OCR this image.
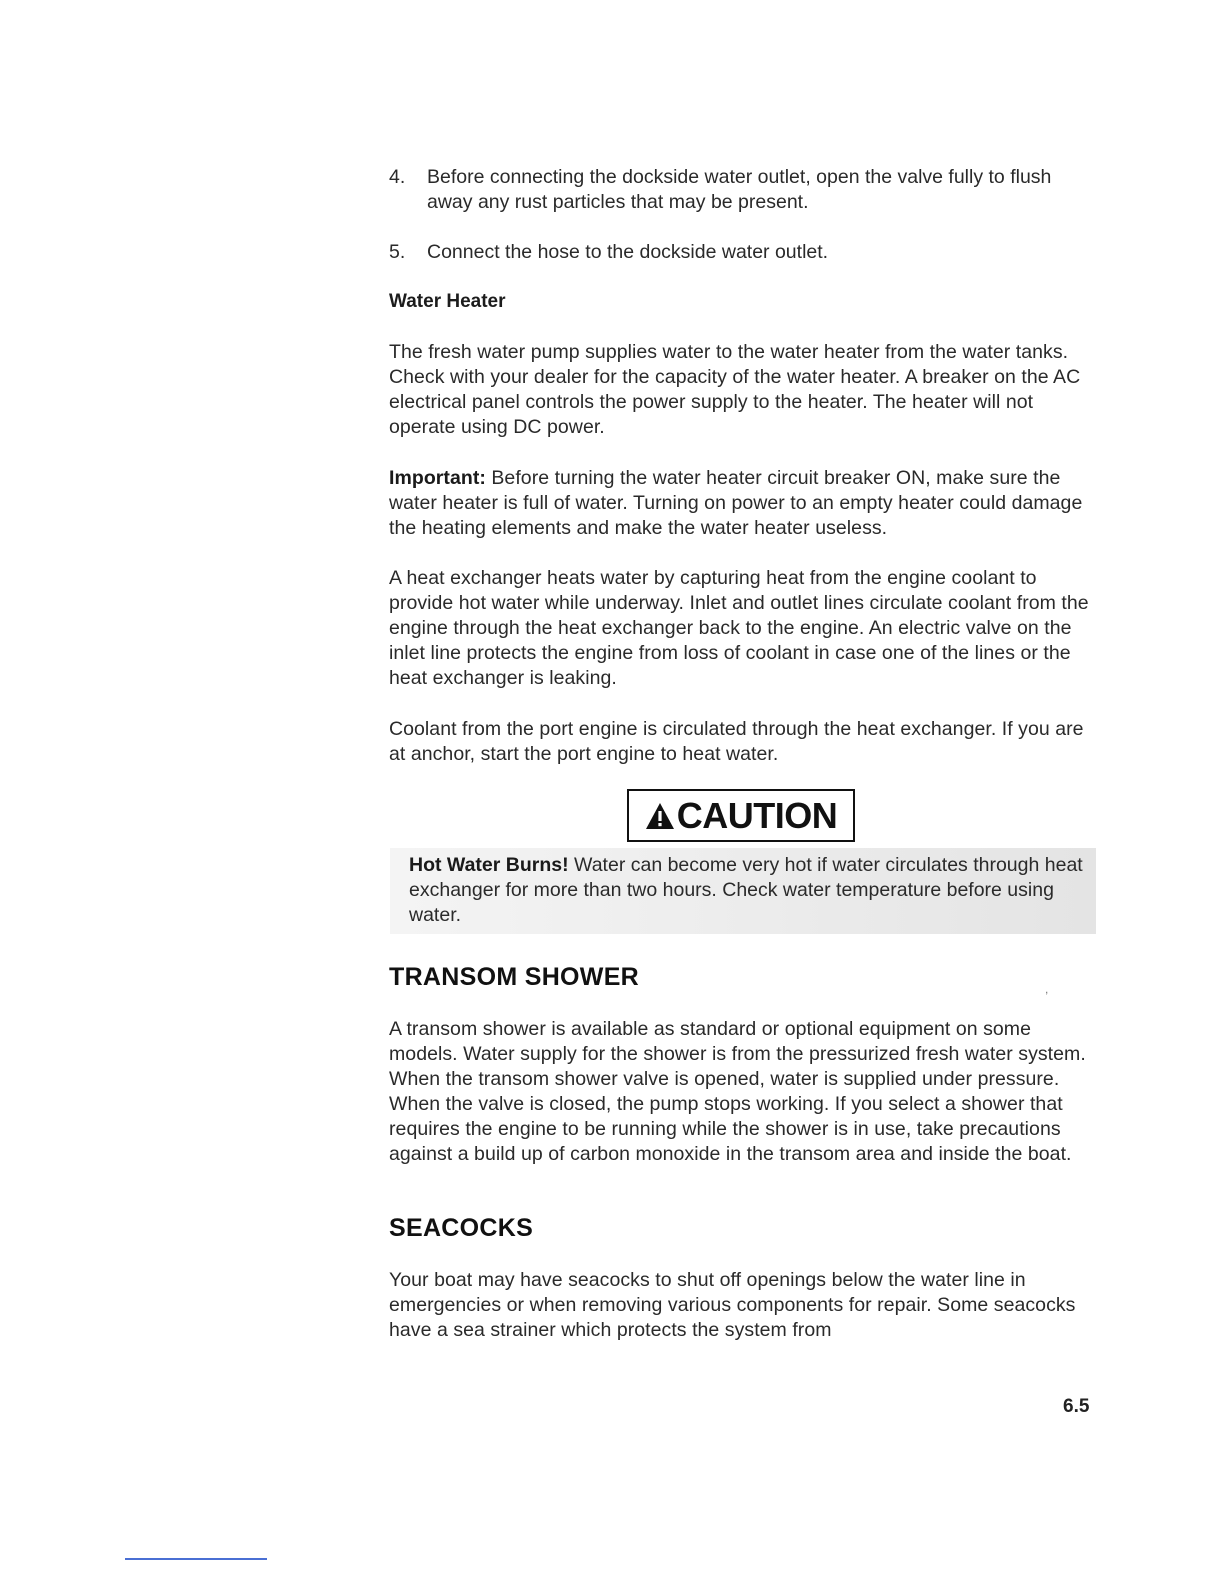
4. Before connecting the dockside water outlet, open the valve fully to flush away any rust particles that may be present.
5. Connect the hose to the dockside water outlet.
Water Heater

The fresh water pump supplies water to the water heater from the water tanks. Check with your dealer for the capacity of the water heater. A breaker on the AC electrical panel controls the power supply to the heater. The heater will not operate using DC power.

Important: Before turning the water heater circuit breaker ON, make sure the water heater is full of water. Turning on power to an empty heater could damage the heating elements and make the water heater useless.

A heat exchanger heats water by capturing heat from the engine coolant to provide hot water while underway. Inlet and outlet lines circulate coolant from the engine through the heat exchanger back to the engine. An electric valve on the inlet line protects the engine from loss of coolant in case one of the lines or the heat exchanger is leaking.

Coolant from the port engine is circulated through the heat exchanger. If you are at anchor, start the port engine to heat water.

CAUTION

Hot Water Burns! Water can become very hot if water circulates through heat exchanger for more than two hours. Check water temperature before using water.

TRANSOM SHOWER	,

A transom shower is available as standard or optional equipment on some models. Water supply for the shower is from the pressurized fresh water system. When the transom shower valve is opened, water is supplied under pressure. When the valve is closed, the pump stops working. If you select a shower that requires the engine to be running while the shower is in use, take precautions against a build up of carbon monoxide in the transom area and inside the boat.

SEACOCKS

Your boat may have seacocks to shut off openings below the water line in emergencies or when removing various components for repair. Some seacocks have a sea strainer which protects the system from

6.5
